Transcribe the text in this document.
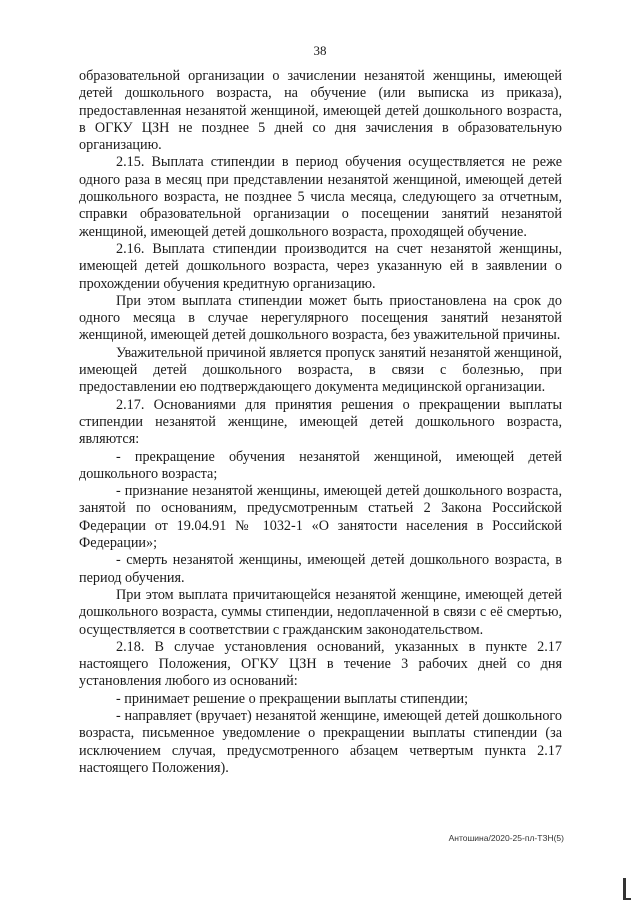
38

образовательной организации о зачислении незанятой женщины, имеющей детей дошкольного возраста, на обучение (или выписка из приказа), предоставленная незанятой женщиной, имеющей детей дошкольного возраста, в ОГКУ ЦЗН не позднее 5 дней со дня зачисления в образовательную организацию.

2.15. Выплата стипендии в период обучения осуществляется не реже одного раза в месяц при представлении незанятой женщиной, имеющей детей дошкольного возраста, не позднее 5 числа месяца, следующего за отчетным, справки образовательной организации о посещении занятий незанятой женщиной, имеющей детей дошкольного возраста, проходящей обучение.

2.16. Выплата стипендии производится на счет незанятой женщины, имеющей детей дошкольного возраста, через указанную ей в заявлении о прохождении обучения кредитную организацию.

При этом выплата стипендии может быть приостановлена на срок до одного месяца в случае нерегулярного посещения занятий незанятой женщиной, имеющей детей дошкольного возраста, без уважительной причины.

Уважительной причиной является пропуск занятий незанятой женщиной, имеющей детей дошкольного возраста, в связи с болезнью, при предоставлении ею подтверждающего документа медицинской организации.

2.17. Основаниями для принятия решения о прекращении выплаты стипендии незанятой женщине, имеющей детей дошкольного возраста, являются:

- прекращение обучения незанятой женщиной, имеющей детей дошкольного возраста;

- признание незанятой женщины, имеющей детей дошкольного возраста, занятой по основаниям, предусмотренным статьей 2 Закона Российской Федерации от 19.04.91 № 1032-1 «О занятости населения в Российской Федерации»;

- смерть незанятой женщины, имеющей детей дошкольного возраста, в период обучения.

При этом выплата причитающейся незанятой женщине, имеющей детей дошкольного возраста, суммы стипендии, недоплаченной в связи с её смертью, осуществляется в соответствии с гражданским законодательством.

2.18. В случае установления оснований, указанных в пункте 2.17 настоящего Положения, ОГКУ ЦЗН в течение 3 рабочих дней со дня установления любого из оснований:

- принимает решение о прекращении выплаты стипендии;

- направляет (вручает) незанятой женщине, имеющей детей дошкольного возраста, письменное уведомление о прекращении выплаты стипендии (за исключением случая, предусмотренного абзацем четвертым пункта 2.17 настоящего Положения).

Антошина/2020-25-пл-ТЗН(5)
